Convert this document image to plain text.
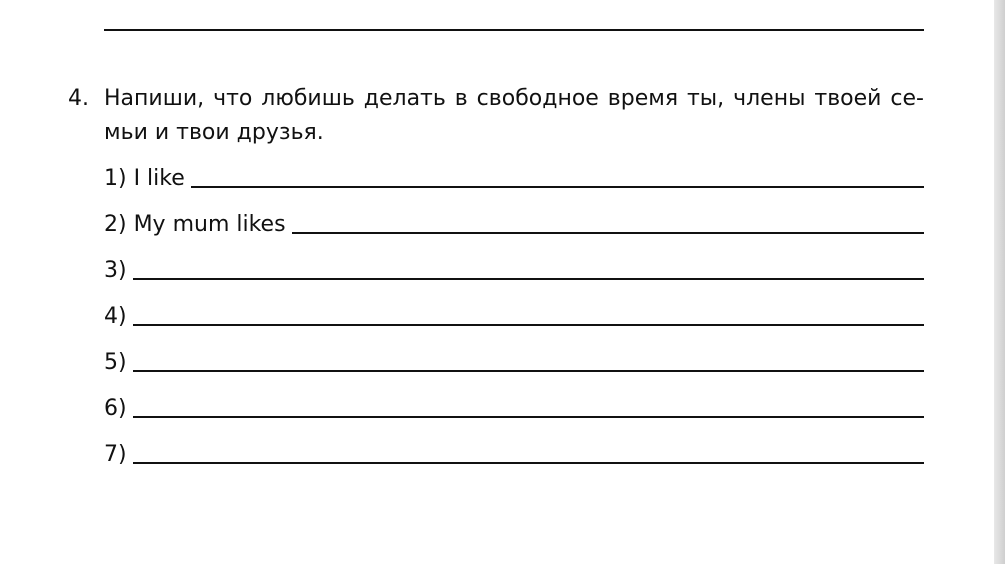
4. Напиши, что любишь делать в свободное время ты, члены твоей се-мьи и твои друзья.
1) I like
2) My mum likes
3)
4)
5)
6)
7)
